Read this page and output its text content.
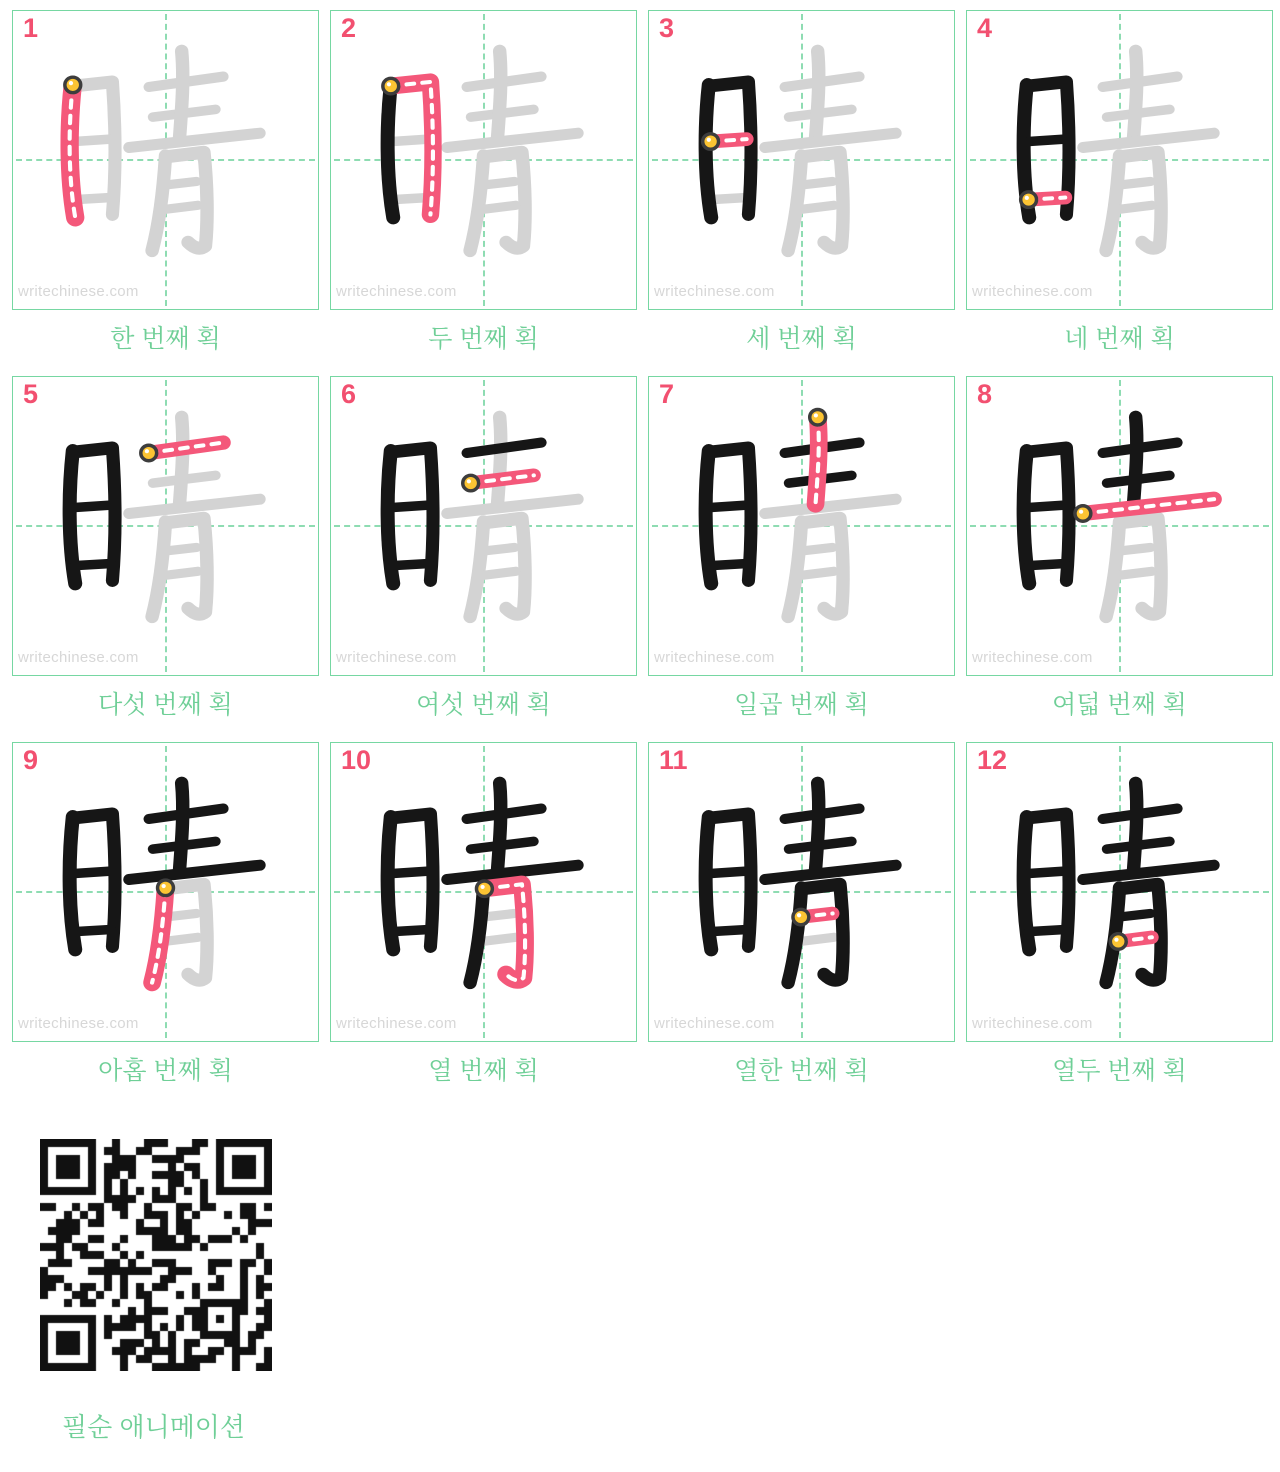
1
writechinese.com
한 번째 획
2
writechinese.com
두 번째 획
3
writechinese.com
세 번째 획
4
writechinese.com
네 번째 획
5
writechinese.com
다섯 번째 획
6
writechinese.com
여섯 번째 획
7
writechinese.com
일곱 번째 획
8
writechinese.com
여덟 번째 획
9
writechinese.com
아홉 번째 획
10
writechinese.com
열 번째 획
11
writechinese.com
열한 번째 획
12
writechinese.com
열두 번째 획
필순 애니메이션
